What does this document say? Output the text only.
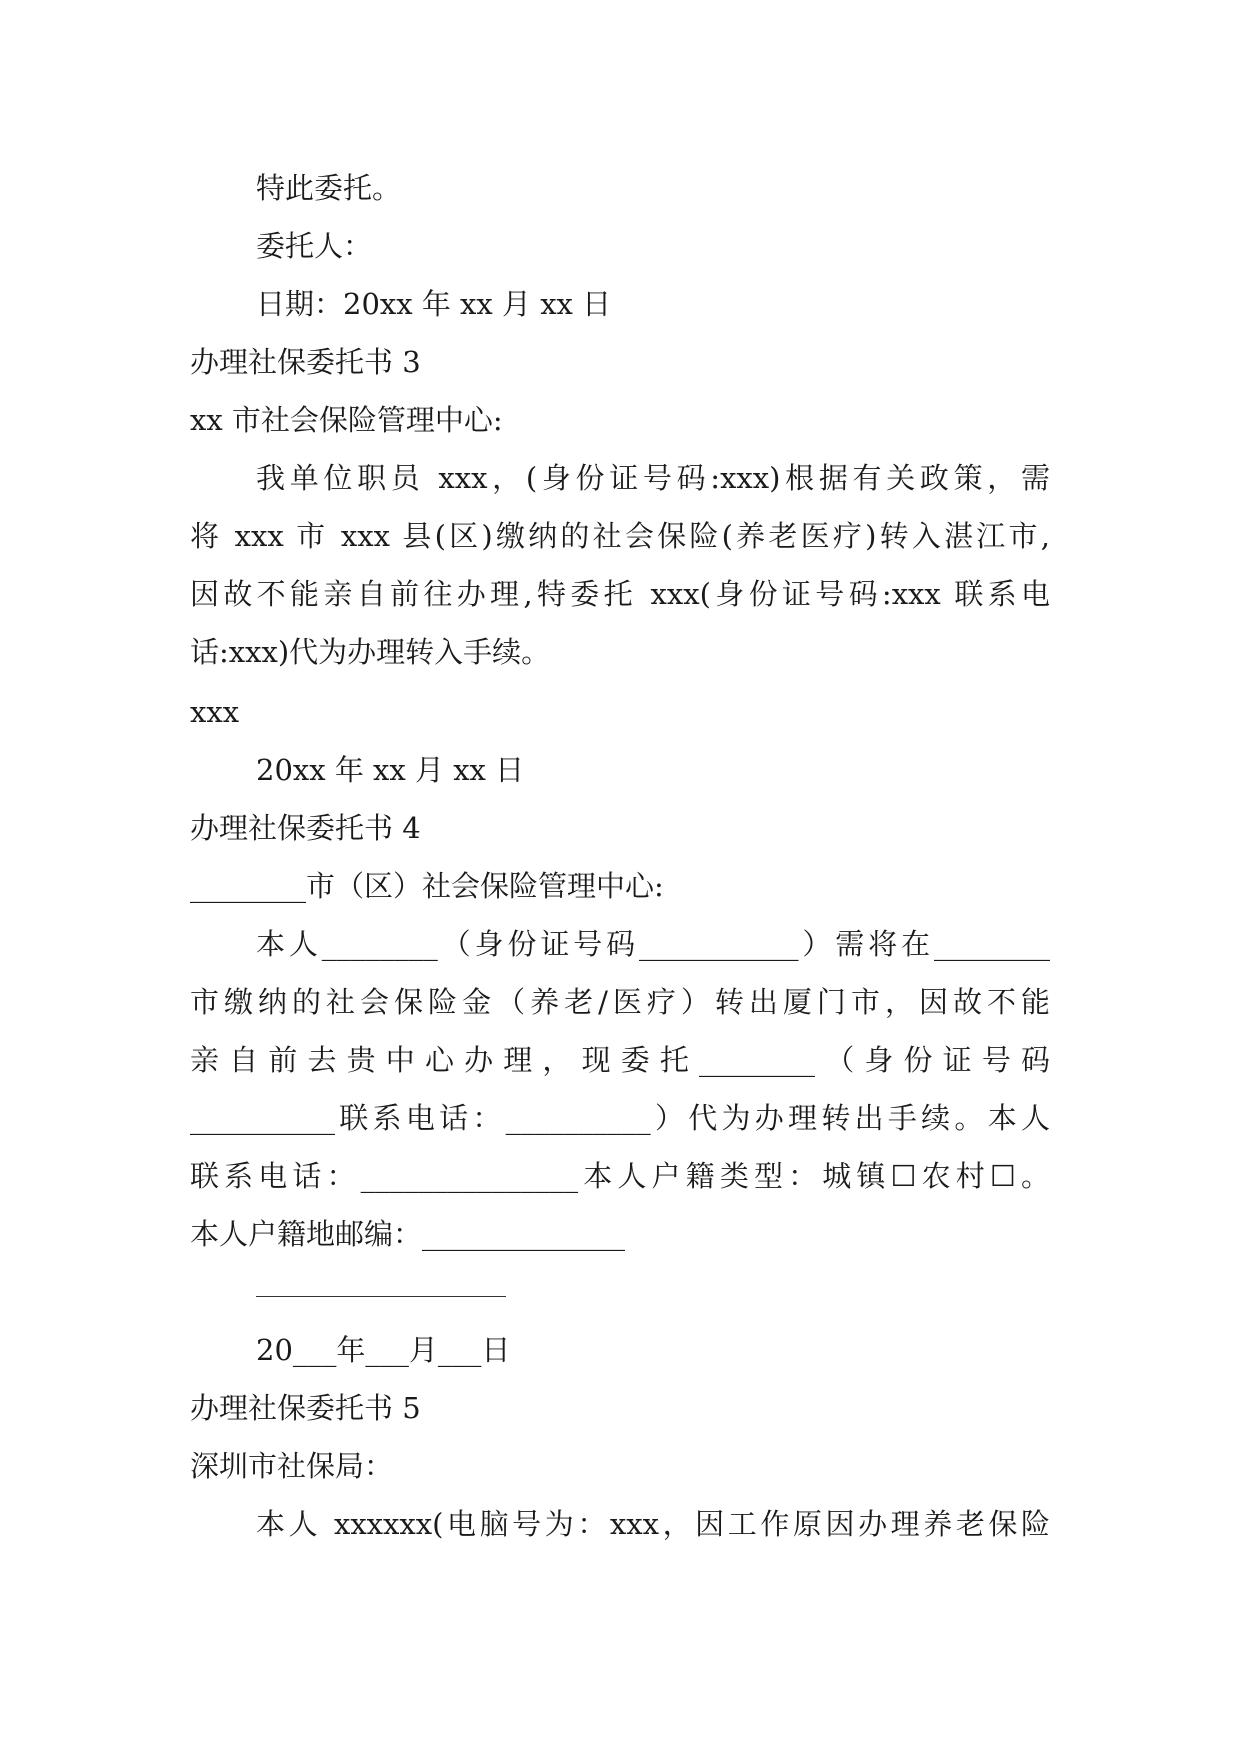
特此委托。
委托人：
日期：20xx 年 xx 月 xx 日
办理社保委托书 3
xx 市社会保险管理中心:
我单位职员 xxx，(身份证号码:xxx)根据有关政策，需
将 xxx 市 xxx 县(区)缴纳的社会保险(养老医疗)转入湛江市,
因故不能亲自前往办理,特委托 xxx(身份证号码:xxx 联系电
话:xxx)代为办理转入手续。
xxx
20xx 年 xx 月 xx 日
办理社保委托书 4
________市（区）社会保险管理中心:
本人________（身份证号码___________）需将在________
市缴纳的社会保险金（养老/医疗）转出厦门市，因故不能
亲自前去贵中心办理，现委托________（身份证号码
__________联系电话：__________）代为办理转出手续。本人
联系电话：_______________本人户籍类型：城镇☐农村☐。
本人户籍地邮编：______________
20___年___月___日
办理社保委托书 5
深圳市社保局：
本人 xxxxxx(电脑号为：xxx，因工作原因办理养老保险
